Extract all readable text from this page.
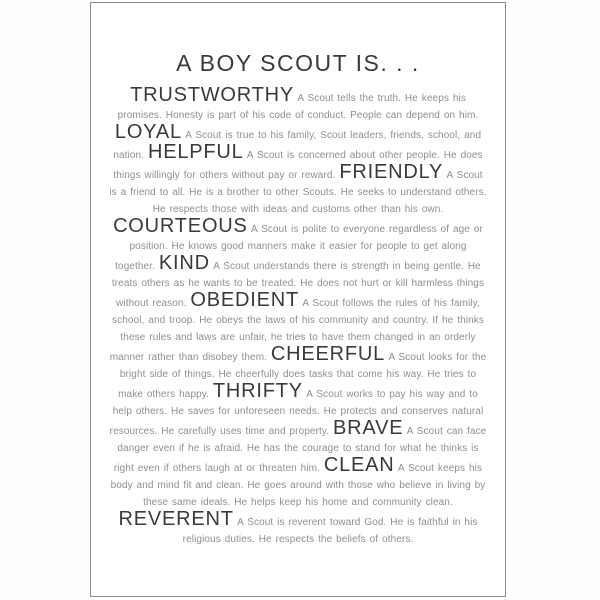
A BOY SCOUT IS. . .

TRUSTWORTHY A Scout tells the truth. He keeps his promises. Honesty is part of his code of conduct. People can depend on him. LOYAL A Scout is true to his family, Scout leaders, friends, school, and nation. HELPFUL A Scout is concerned about other people. He does things willingly for others without pay or reward. FRIENDLY A Scout is a friend to all. He is a brother to other Scouts. He seeks to understand others. He respects those with ideas and customs other than his own. COURTEOUS A Scout is polite to everyone regardless of age or position. He knows good manners make it easier for people to get along together. KIND A Scout understands there is strength in being gentle. He treats others as he wants to be treated. He does not hurt or kill harmless things without reason. OBEDIENT A Scout follows the rules of his family, school, and troop. He obeys the laws of his community and country. If he thinks these rules and laws are unfair, he tries to have them changed in an orderly manner rather than disobey them. CHEERFUL A Scout looks for the bright side of things. He cheerfully does tasks that come his way. He tries to make others happy. THRIFTY A Scout works to pay his way and to help others. He saves for unforeseen needs. He protects and conserves natural resources. He carefully uses time and property. BRAVE A Scout can face danger even if he is afraid. He has the courage to stand for what he thinks is right even if others laugh at or threaten him. CLEAN A Scout keeps his body and mind fit and clean. He goes around with those who believe in living by these same ideals. He helps keep his home and community clean. REVERENT A Scout is reverent toward God. He is faithful in his religious duties. He respects the beliefs of others.
